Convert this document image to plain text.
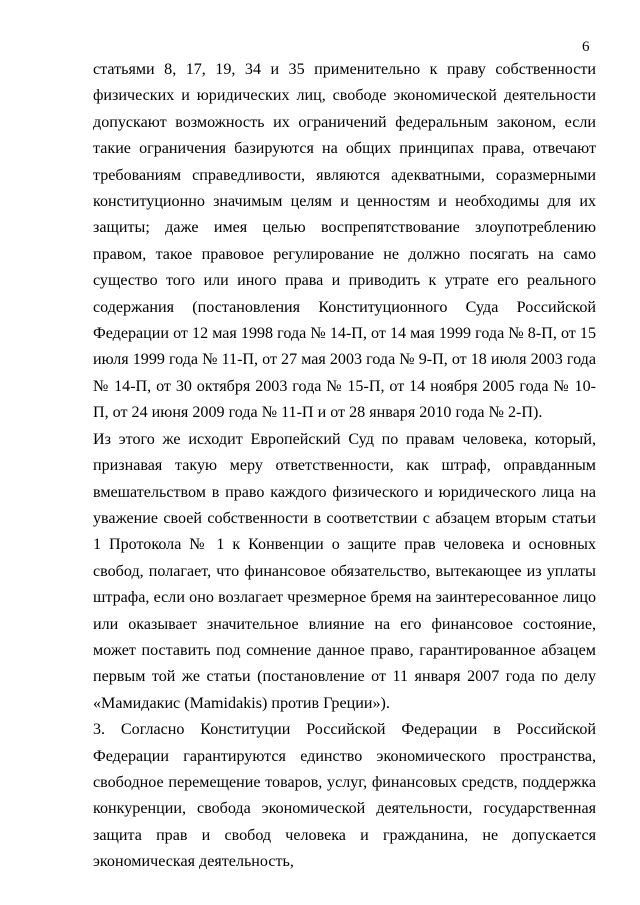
6

статьями 8, 17, 19, 34 и 35 применительно к праву собственности физических и юридических лиц, свободе экономической деятельности допускают возможность их ограничений федеральным законом, если такие ограничения базируются на общих принципах права, отвечают требованиям справедливости, являются адекватными, соразмерными конституционно значимым целям и ценностям и необходимы для их защиты; даже имея целью воспрепятствование злоупотреблению правом, такое правовое регулирование не должно посягать на само существо того или иного права и приводить к утрате его реального содержания (постановления Конституционного Суда Российской Федерации от 12 мая 1998 года № 14-П, от 14 мая 1999 года № 8-П, от 15 июля 1999 года № 11-П, от 27 мая 2003 года № 9-П, от 18 июля 2003 года № 14-П, от 30 октября 2003 года № 15-П, от 14 ноября 2005 года № 10-П, от 24 июня 2009 года № 11-П и от 28 января 2010 года № 2-П).

Из этого же исходит Европейский Суд по правам человека, который, признавая такую меру ответственности, как штраф, оправданным вмешательством в право каждого физического и юридического лица на уважение своей собственности в соответствии с абзацем вторым статьи 1 Протокола № 1 к Конвенции о защите прав человека и основных свобод, полагает, что финансовое обязательство, вытекающее из уплаты штрафа, если оно возлагает чрезмерное бремя на заинтересованное лицо или оказывает значительное влияние на его финансовое состояние, может поставить под сомнение данное право, гарантированное абзацем первым той же статьи (постановление от 11 января 2007 года по делу «Мамидакис (Mamidakis) против Греции»).

3. Согласно Конституции Российской Федерации в Российской Федерации гарантируются единство экономического пространства, свободное перемещение товаров, услуг, финансовых средств, поддержка конкуренции, свобода экономической деятельности, государственная защита прав и свобод человека и гражданина, не допускается экономическая деятельность,
